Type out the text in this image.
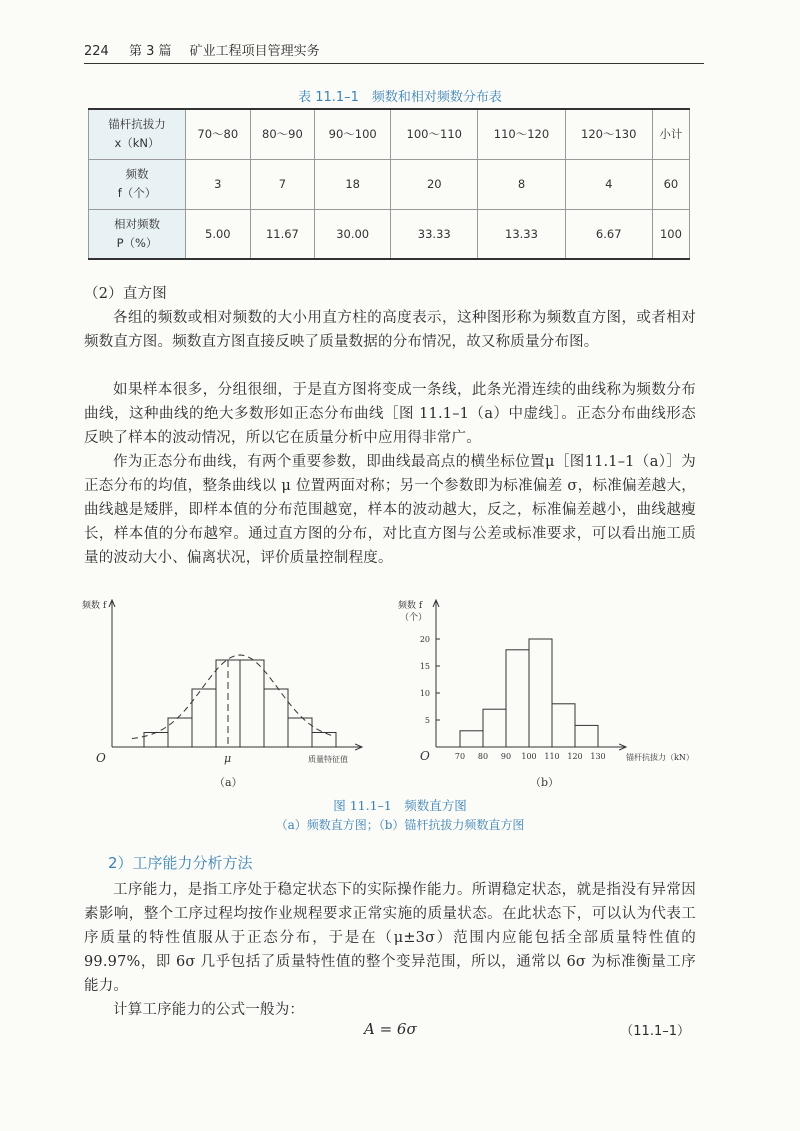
224 第 3 篇 矿业工程项目管理实务
表 11.1–1　频数和相对频数分布表
锚杆抗拔力
x（kN）	70～80	80～90	90～100	100～110	110～120	120～130	小计
频数
f（个）	3	7	18	20	8	4	60
相对频数
P（%）	5.00	11.67	30.00	33.33	13.33	6.67	100

（2）直方图

各组的频数或相对频数的大小用直方柱的高度表示，这种图形称为频数直方图，或者相对频数直方图。频数直方图直接反映了质量数据的分布情况，故又称质量分布图。

如果样本很多，分组很细，于是直方图将变成一条线，此条光滑连续的曲线称为频数分布曲线，这种曲线的绝大多数形如正态分布曲线［图 11.1–1（a）中虚线］。正态分布曲线形态反映了样本的波动情况，所以它在质量分析中应用得非常广。

作为正态分布曲线，有两个重要参数，即曲线最高点的横坐标位置μ［图11.1–1（a）］为正态分布的均值，整条曲线以 μ 位置两面对称；另一个参数即为标准偏差 σ，标准偏差越大，曲线越是矮胖，即样本值的分布范围越宽，样本的波动越大，反之，标准偏差越小，曲线越瘦长，样本值的分布越窄。通过直方图的分布，对比直方图与公差或标准要求，可以看出施工质量的波动大小、偏离状况，评价质量控制程度。

频数 f
O	μ	质量特征值
（a）
频数 f
（个）
O
5
10
15
20
70 80 90 100 110 120 130	锚杆抗拔力（kN）
（b）
图 11.1–1　频数直方图
（a）频数直方图；（b）锚杆抗拔力频数直方图
2）工序能力分析方法

工序能力，是指工序处于稳定状态下的实际操作能力。所谓稳定状态，就是指没有异常因素影响，整个工序过程均按作业规程要求正常实施的质量状态。在此状态下，可以认为代表工序质量的特性值服从于正态分布，于是在（μ±3σ）范围内应能包括全部质量特性值的 99.97%，即 6σ 几乎包括了质量特性值的整个变异范围，所以，通常以 6σ 为标准衡量工序能力。

计算工序能力的公式一般为：

A = 6σ	（11.1–1）
